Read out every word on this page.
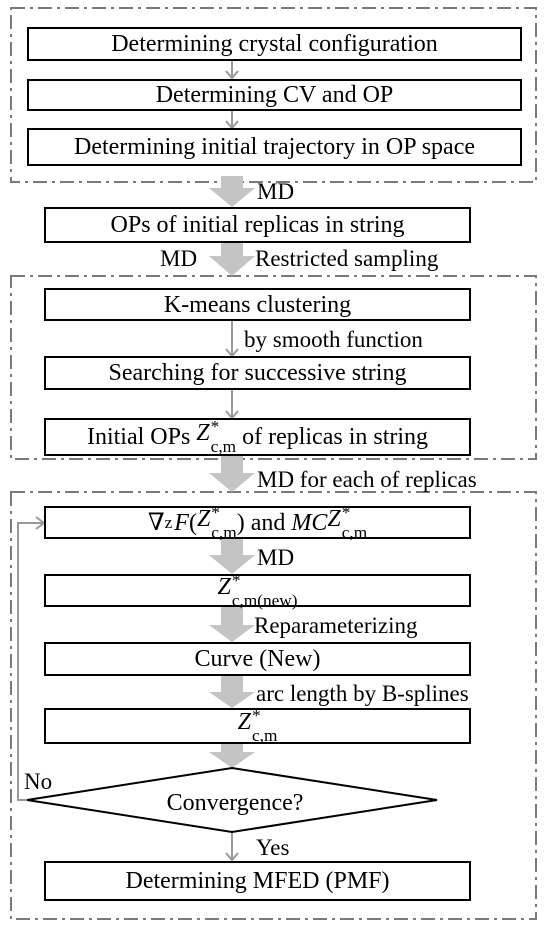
Determining crystal configuration
Determining CV and OP
Determining initial trajectory in OP space
OPs of initial replicas in string
K-means clustering
Searching for successive string
Initial OPs Z *
c,m of replicas in string
∇ z F ( Z *
c,m ) and MC Z *
c,m
Z *
c,m(new)
Curve (New)
Z *
c,m
Convergence?
Determining MFED (PMF)
MD
MD	Restricted sampling
by smooth function
MD for each of replicas
MD
Reparameterizing
arc length by B-splines
No
Yes
